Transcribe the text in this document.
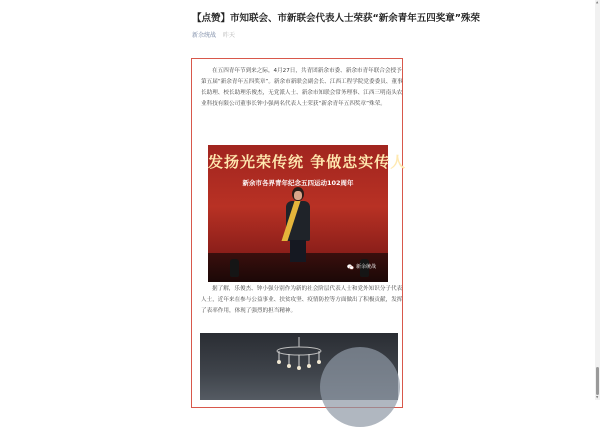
【点赞】市知联会、市新联会代表人士荣获“新余青年五四奖章”殊荣
新余统战 昨天

在五四青年节到来之际，4月27日，共青团新余市委、新余市青年联合会授予第五届“新余青年五四奖章”。新余市新联会副会长、江西工程学院党委委员、董事长助理、校长助理乐俊杰，无党派人士、新余市知联会常务理事、江西三明南头农业科技有限公司董事长钟小强两名代表人士荣获“新余青年五四奖章”殊荣。

发扬光荣传统 争做忠实传人
新余市各界青年纪念五四运动102周年
新余统战

据了解，乐俊杰、钟小强分别作为新的社会阶层代表人士和党外知识分子代表人士，近年来在参与公益事业、扶贫攻坚、疫情防控等方面做出了积极贡献，发挥了表率作用，体现了强烈的担当精神。

▲
▼
